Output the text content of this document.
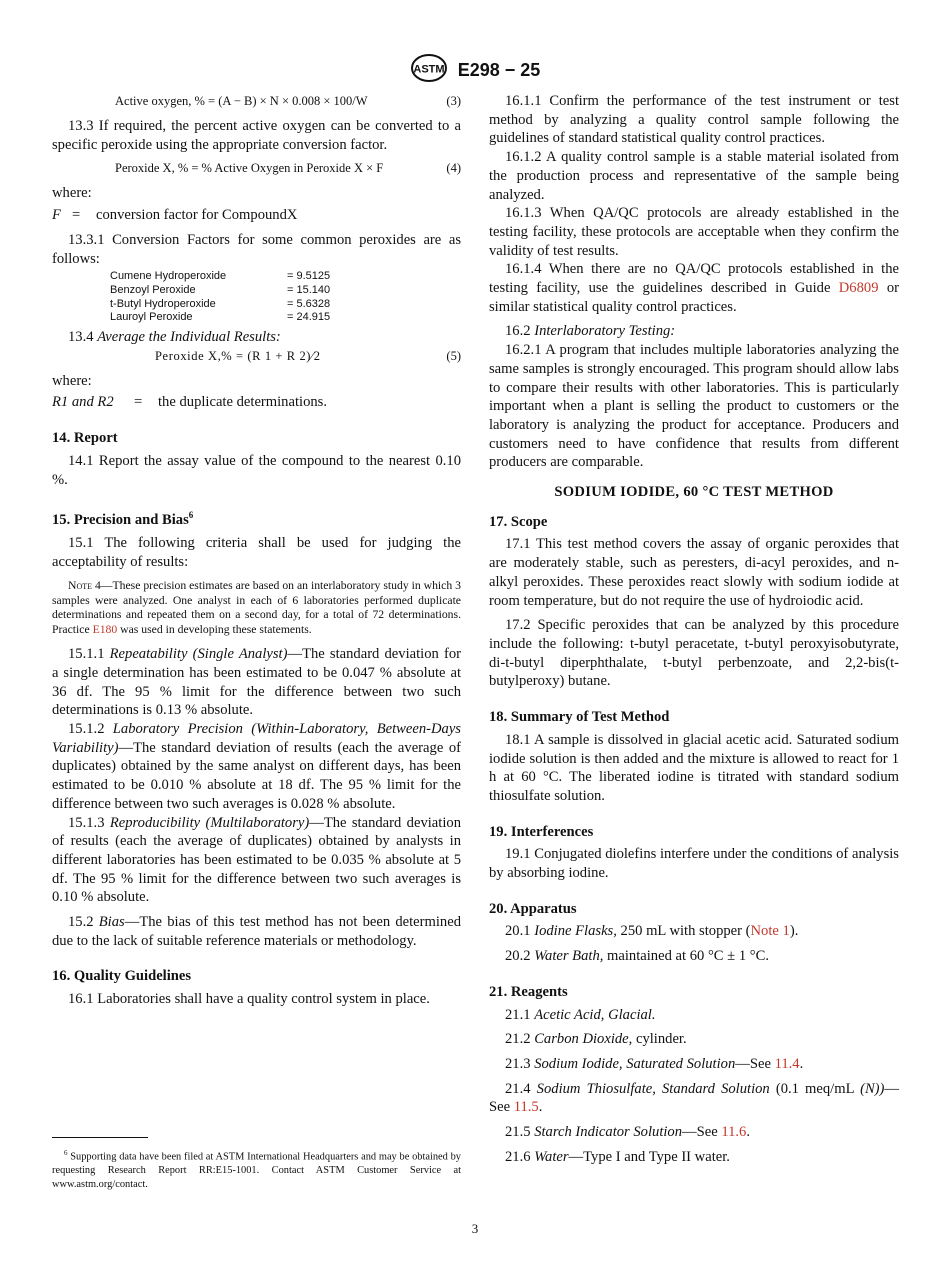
ASTM E298 − 25
Active oxygen, % = (A − B) × N × 0.008 × 100/W	(3)

13.3 If required, the percent active oxygen can be converted to a specific peroxide using the appropriate conversion factor.

Peroxide X, % = % Active Oxygen in Peroxide X × F	(4)

where:

F =	conversion factor for CompoundX

13.3.1 Conversion Factors for some common peroxides are as follows:

Cumene Hydroperoxide	= 9.5125
Benzoyl Peroxide	= 15.140
t-Butyl Hydroperoxide	= 5.6328
Lauroyl Peroxide	= 24.915

13.4 Average the Individual Results:

Peroxide X,% = (R 1 + R 2)⁄2	(5)

where:

R1 and R2	=	the duplicate determinations.

14. Report

14.1 Report the assay value of the compound to the nearest 0.10 %.

15. Precision and Bias$^6$

15.1 The following criteria shall be used for judging the acceptability of results:

Note 4—These precision estimates are based on an interlaboratory study in which 3 samples were analyzed. One analyst in each of 6 laboratories performed duplicate determinations and repeated them on a second day, for a total of 72 determinations. Practice E180 was used in developing these statements.

15.1.1 Repeatability (Single Analyst)—The standard deviation for a single determination has been estimated to be 0.047 % absolute at 36 df. The 95 % limit for the difference between two such determinations is 0.13 % absolute.

15.1.2 Laboratory Precision (Within-Laboratory, Between-Days Variability)—The standard deviation of results (each the average of duplicates) obtained by the same analyst on different days, has been estimated to be 0.010 % absolute at 18 df. The 95 % limit for the difference between two such averages is 0.028 % absolute.

15.1.3 Reproducibility (Multilaboratory)—The standard deviation of results (each the average of duplicates) obtained by analysts in different laboratories has been estimated to be 0.035 % absolute at 5 df. The 95 % limit for the difference between two such averages is 0.10 % absolute.

15.2 Bias—The bias of this test method has not been determined due to the lack of suitable reference materials or methodology.

16. Quality Guidelines

16.1 Laboratories shall have a quality control system in place.

$^6$ Supporting data have been filed at ASTM International Headquarters and may be obtained by requesting Research Report RR:E15-1001. Contact ASTM Customer Service at www.astm.org/contact.

16.1.1 Confirm the performance of the test instrument or test method by analyzing a quality control sample following the guidelines of standard statistical quality control practices.

16.1.2 A quality control sample is a stable material isolated from the production process and representative of the sample being analyzed.

16.1.3 When QA/QC protocols are already established in the testing facility, these protocols are acceptable when they confirm the validity of test results.

16.1.4 When there are no QA/QC protocols established in the testing facility, use the guidelines described in Guide D6809 or similar statistical quality control practices.

16.2 Interlaboratory Testing:

16.2.1 A program that includes multiple laboratories analyzing the same samples is strongly encouraged. This program should allow labs to compare their results with other laboratories. This is particularly important when a plant is selling the product to customers or the laboratory is analyzing the product for acceptance. Producers and customers need to have confidence that results from different producers are comparable.

SODIUM IODIDE, 60 °C TEST METHOD

17. Scope

17.1 This test method covers the assay of organic peroxides that are moderately stable, such as peresters, di-acyl peroxides, and n-alkyl peroxides. These peroxides react slowly with sodium iodide at room temperature, but do not require the use of hydroiodic acid.

17.2 Specific peroxides that can be analyzed by this procedure include the following: t-butyl peracetate, t-butyl peroxyisobutyrate, di-t-butyl diperphthalate, t-butyl perbenzoate, and 2,2-bis(t-butylperoxy) butane.

18. Summary of Test Method

18.1 A sample is dissolved in glacial acetic acid. Saturated sodium iodide solution is then added and the mixture is allowed to react for 1 h at 60 °C. The liberated iodine is titrated with standard sodium thiosulfate solution.

19. Interferences

19.1 Conjugated diolefins interfere under the conditions of analysis by absorbing iodine.

20. Apparatus

20.1 Iodine Flasks, 250 mL with stopper (Note 1).

20.2 Water Bath, maintained at 60 °C ± 1 °C.

21. Reagents

21.1 Acetic Acid, Glacial.

21.2 Carbon Dioxide, cylinder.

21.3 Sodium Iodide, Saturated Solution—See 11.4.

21.4 Sodium Thiosulfate, Standard Solution (0.1 meq/mL (N))—See 11.5.

21.5 Starch Indicator Solution—See 11.6.

21.6 Water—Type I and Type II water.

3
